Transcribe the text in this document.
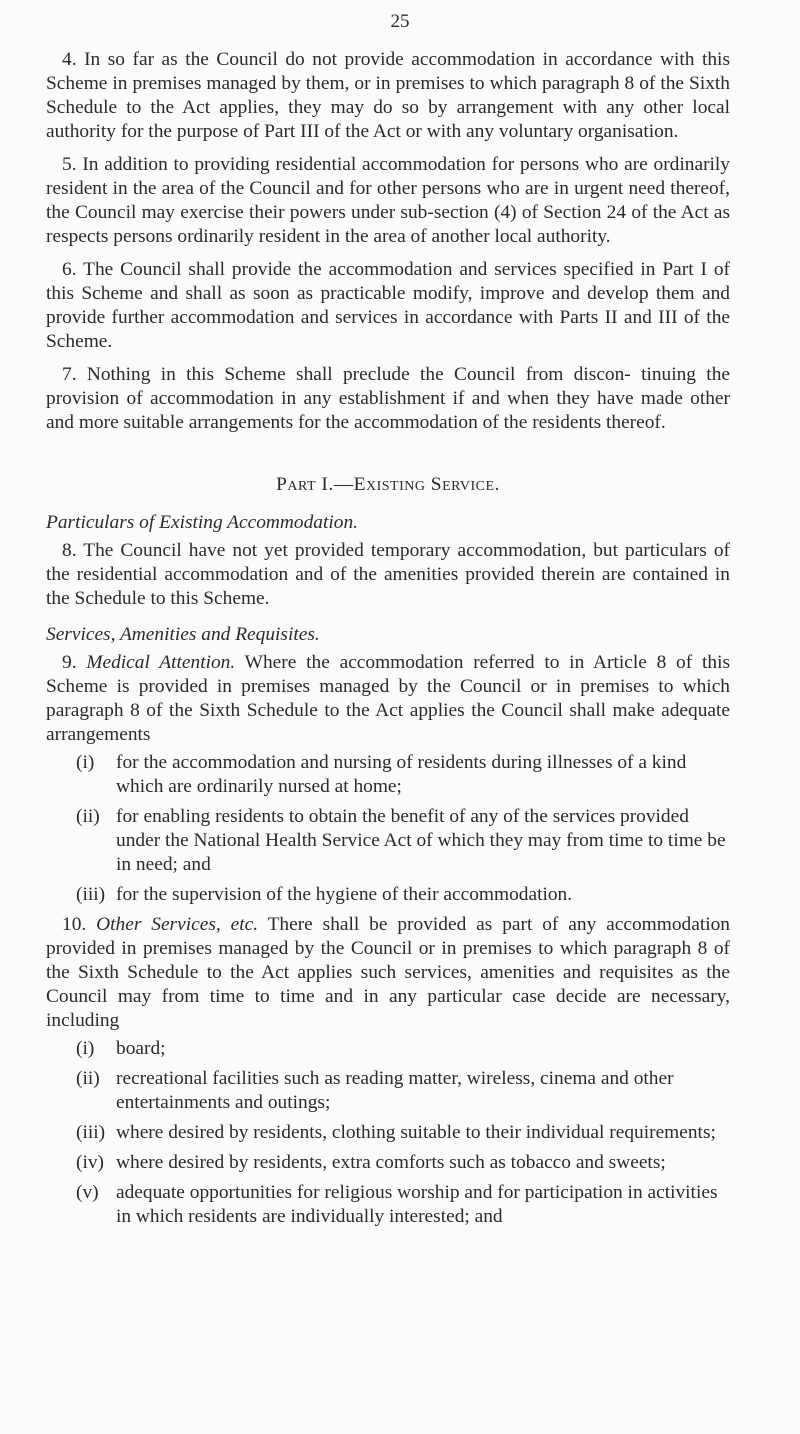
25

4. In so far as the Council do not provide accommodation in accordance with this Scheme in premises managed by them, or in premises to which paragraph 8 of the Sixth Schedule to the Act applies, they may do so by arrangement with any other local authority for the purpose of Part III of the Act or with any voluntary organisation.

5. In addition to providing residential accommodation for persons who are ordinarily resident in the area of the Council and for other persons who are in urgent need thereof, the Council may exercise their powers under sub-section (4) of Section 24 of the Act as respects persons ordinarily resident in the area of another local authority.

6. The Council shall provide the accommodation and services specified in Part I of this Scheme and shall as soon as practicable modify, improve and develop them and provide further accommodation and services in accordance with Parts II and III of the Scheme.

7. Nothing in this Scheme shall preclude the Council from discon- tinuing the provision of accommodation in any establishment if and when they have made other and more suitable arrangements for the accommodation of the residents thereof.

Part I.—Existing Service.

Particulars of Existing Accommodation.

8. The Council have not yet provided temporary accommodation, but particulars of the residential accommodation and of the amenities provided therein are contained in the Schedule to this Scheme.

Services, Amenities and Requisites.

9. Medical Attention. Where the accommodation referred to in Article 8 of this Scheme is provided in premises managed by the Council or in premises to which paragraph 8 of the Sixth Schedule to the Act applies the Council shall make adequate arrangements

(i)	for the accommodation and nursing of residents during illnesses of a kind which are ordinarily nursed at home;
(ii) for enabling residents to obtain the benefit of any of the services provided under the National Health Service Act of which they may from time to time be in need; and
(iii) for the supervision of the hygiene of their accommodation.

10. Other Services, etc. There shall be provided as part of any accommodation provided in premises managed by the Council or in premises to which paragraph 8 of the Sixth Schedule to the Act applies such services, amenities and requisites as the Council may from time to time and in any particular case decide are necessary, including

(i)	board;
(ii) recreational facilities such as reading matter, wireless, cinema and other entertainments and outings;
(iii) where desired by residents, clothing suitable to their individual requirements;
(iv) where desired by residents, extra comforts such as tobacco and sweets;
(v) adequate opportunities for religious worship and for participation in activities in which residents are individually interested; and
